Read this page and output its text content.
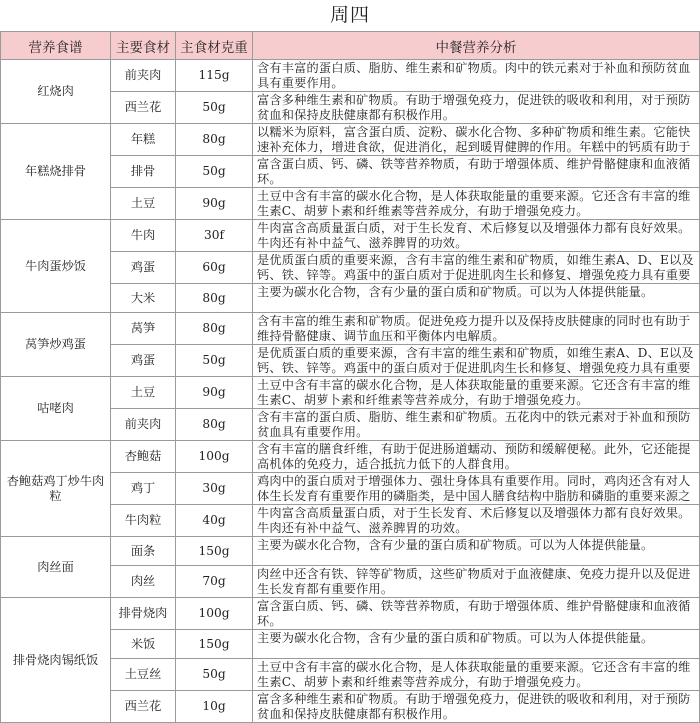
周四
营养食谱	主要食材	主食材克重	中餐营养分析
红烧肉	前夹肉	115g	含有丰富的蛋白质、脂肪、维生素和矿物质。肉中的铁元素对于补血和预防贫血具有重要作用。

	西兰花	50g	富含多种维生素和矿物质。有助于增强免疫力，促进铁的吸收和利用，对于预防贫血和保持皮肤健康都有积极作用。

年糕烧排骨	年糕	80g	以糯米为原料，富含蛋白质、淀粉、碳水化合物、多种矿物质和维生素。它能快速补充体力，增进食欲，促进消化，起到暖胃健脾的作用。年糕中的钙质有助于

	排骨	50g	富含蛋白质、钙、磷、铁等营养物质，有助于增强体质、维护骨骼健康和血液循环。

	土豆	90g	土豆中含有丰富的碳水化合物，是人体获取能量的重要来源。它还含有丰富的维生素C、胡萝卜素和纤维素等营养成分，有助于增强免疫力。

牛肉蛋炒饭	牛肉	30f	牛肉富含高质量蛋白质，对于生长发育、术后修复以及增强体力都有良好效果。牛肉还有补中益气、滋养脾胃的功效。

	鸡蛋	60g	是优质蛋白质的重要来源，含有丰富的维生素和矿物质，如维生素A、D、E以及钙、铁、锌等。鸡蛋中的蛋白质对于促进肌肉生长和修复、增强免疫力具有重要

	大米	80g	主要为碳水化合物，含有少量的蛋白质和矿物质。可以为人体提供能量。

莴笋炒鸡蛋	莴笋	80g	含有丰富的维生素和矿物质。促进免疫力提升以及保持皮肤健康的同时也有助于维持骨骼健康、调节血压和平衡体内电解质。

	鸡蛋	50g	是优质蛋白质的重要来源，含有丰富的维生素和矿物质，如维生素A、D、E以及钙、铁、锌等。鸡蛋中的蛋白质对于促进肌肉生长和修复、增强免疫力具有重要

咕咾肉	土豆	90g	土豆中含有丰富的碳水化合物，是人体获取能量的重要来源。它还含有丰富的维生素C、胡萝卜素和纤维素等营养成分，有助于增强免疫力。

	前夹肉	80g	含有丰富的蛋白质、脂肪、维生素和矿物质。五花肉中的铁元素对于补血和预防贫血具有重要作用。

杏鲍菇鸡丁炒牛肉粒	杏鲍菇	100g	含有丰富的膳食纤维，有助于促进肠道蠕动、预防和缓解便秘。此外，它还能提高机体的免疫力，适合抵抗力低下的人群食用。

	鸡丁	30g	鸡肉中的蛋白质对于增强体力、强壮身体具有重要作用。同时，鸡肉还含有对人体生长发育有重要作用的磷脂类，是中国人膳食结构中脂肪和磷脂的重要来源之

	牛肉粒	40g	牛肉富含高质量蛋白质，对于生长发育、术后修复以及增强体力都有良好效果。牛肉还有补中益气、滋养脾胃的功效。

肉丝面	面条	150g	主要为碳水化合物，含有少量的蛋白质和矿物质。可以为人体提供能量。

	肉丝	70g	肉丝中还含有铁、锌等矿物质，这些矿物质对于血液健康、免疫力提升以及促进生长发育都有重要作用。

排骨烧肉锡纸饭	排骨烧肉	100g	富含蛋白质、钙、磷、铁等营养物质，有助于增强体质、维护骨骼健康和血液循环。

	米饭	150g	主要为碳水化合物，含有少量的蛋白质和矿物质。可以为人体提供能量。

	土豆丝	50g	土豆中含有丰富的碳水化合物，是人体获取能量的重要来源。它还含有丰富的维生素C、胡萝卜素和纤维素等营养成分，有助于增强免疫力。

	西兰花	10g	富含多种维生素和矿物质。有助于增强免疫力，促进铁的吸收和利用，对于预防贫血和保持皮肤健康都有积极作用。
